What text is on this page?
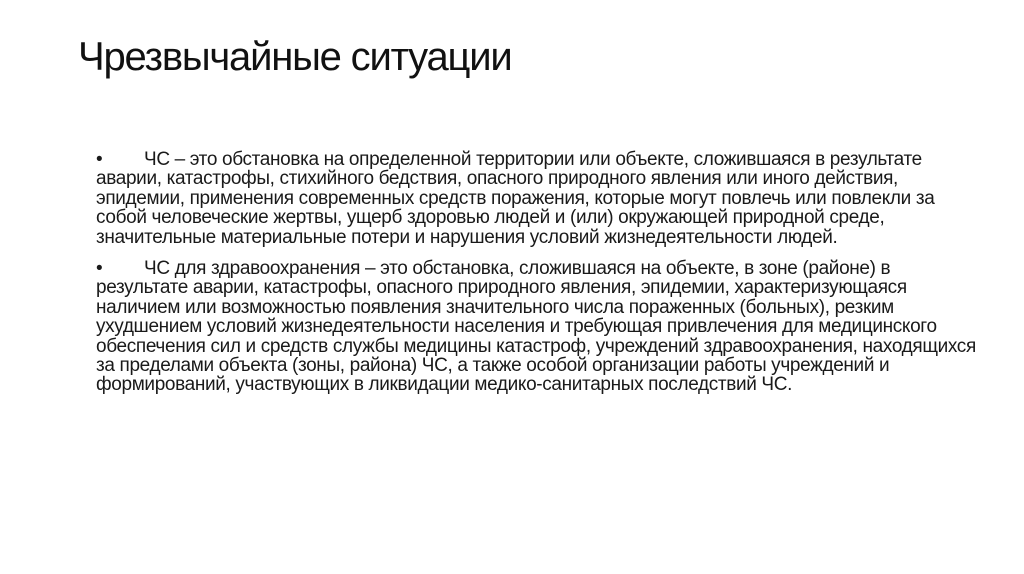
Чрезвычайные ситуации
• ЧС – это обстановка на определенной территории или объекте, сложившаяся в результате аварии, катастрофы, стихийного бедствия, опасного природного явления или иного действия, эпидемии, применения современных средств поражения, которые могут повлечь или повлекли за собой человеческие жертвы, ущерб здоровью людей и (или) окружающей природной среде, значительные материальные потери и нарушения условий жизнедеятельности людей.
• ЧС для здравоохранения – это обстановка, сложившаяся на объекте, в зоне (районе) в результате аварии, катастрофы, опасного природного явления, эпидемии, характеризующаяся наличием или возможностью появления значительного числа пораженных (больных), резким ухудшением условий жизнедеятельности населения и требующая привлечения для медицинского обеспечения сил и средств службы медицины катастроф, учреждений здравоохранения, находящихся за пределами объекта (зоны, района) ЧС, а также особой организации работы учреждений и формирований, участвующих в ликвидации медико-санитарных последствий ЧС.
